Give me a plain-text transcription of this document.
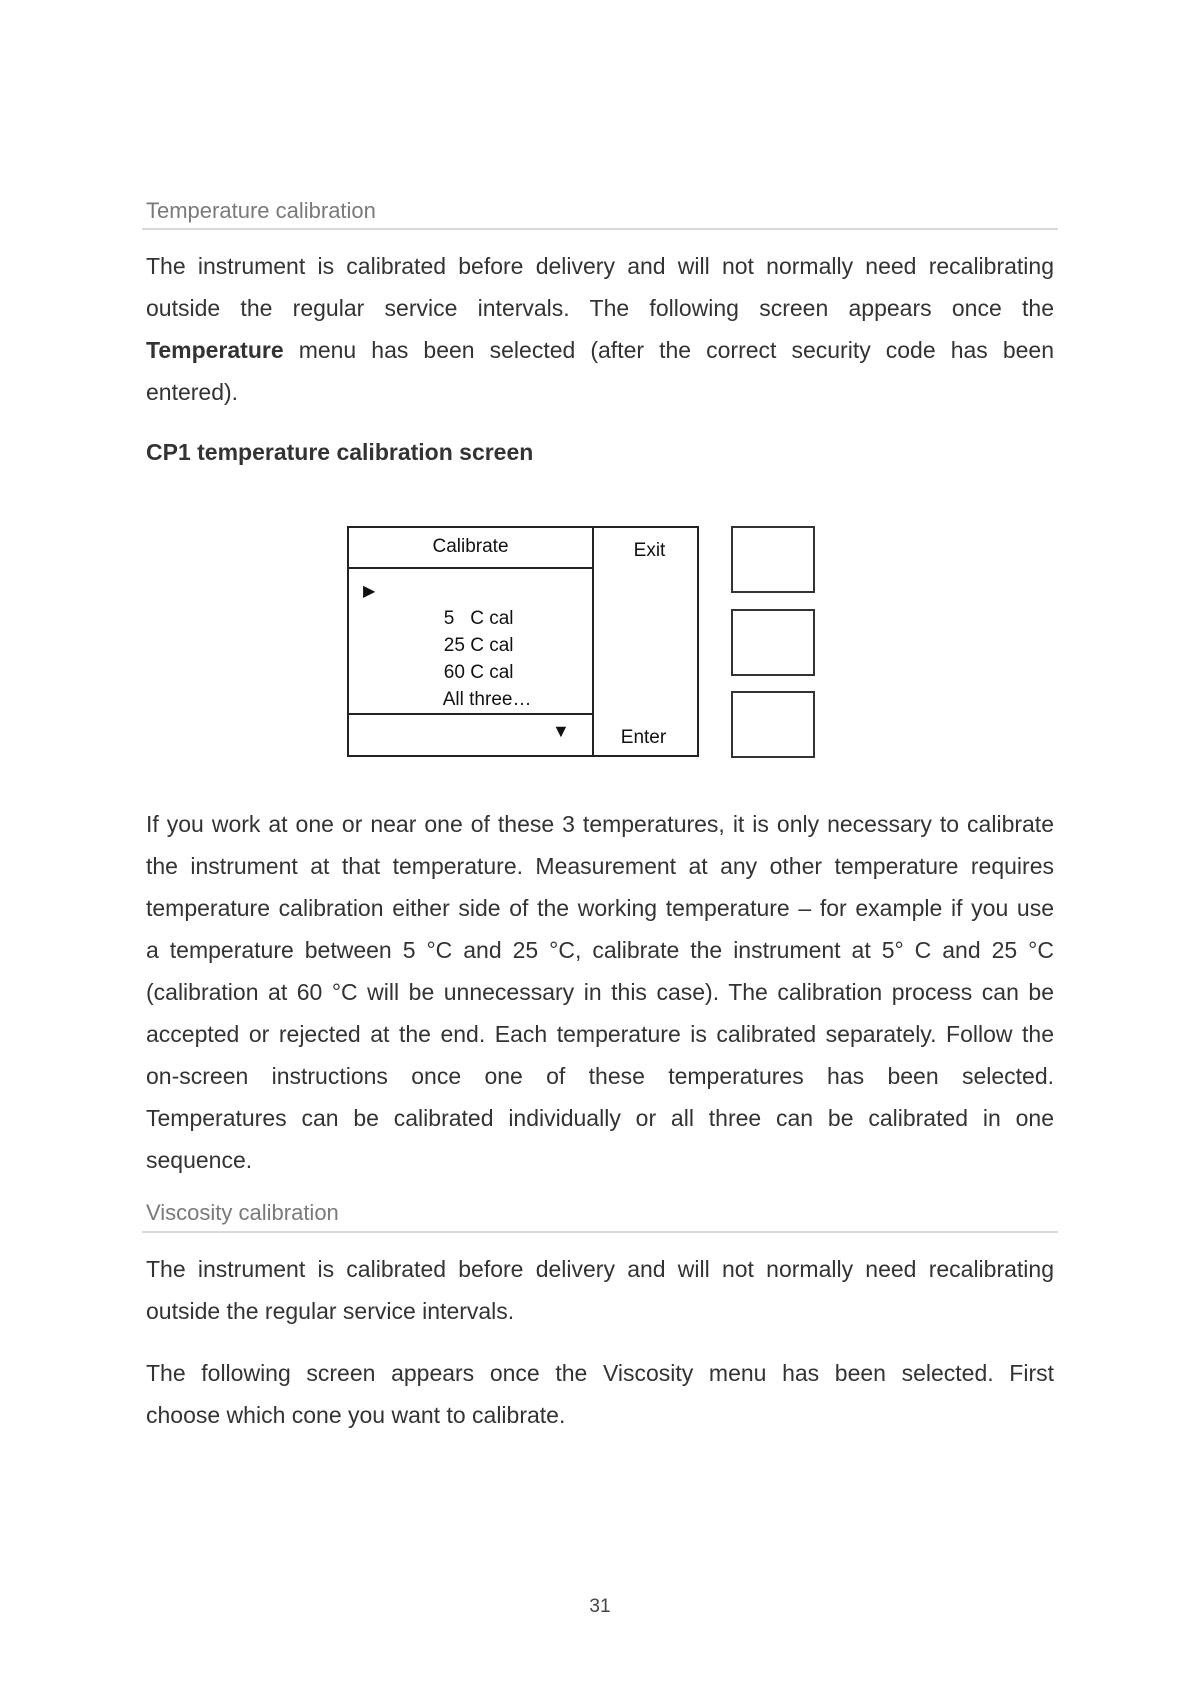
Temperature calibration

The instrument is calibrated before delivery and will not normally need recalibrating
outside the regular service intervals. The following screen appears once the
Temperature menu has been selected (after the correct security code has been
entered).

CP1 temperature calibration screen
Calibrate

▶
5   C cal

25 C cal

60 C cal

All three…

▼
Exit
Enter

If you work at one or near one of these 3 temperatures, it is only necessary to calibrate
the instrument at that temperature. Measurement at any other temperature requires
temperature calibration either side of the working temperature – for example if you use
a temperature between 5 °C and 25 °C, calibrate the instrument at 5° C and 25 °C
(calibration at 60 °C will be unnecessary in this case). The calibration process can be
accepted or rejected at the end. Each temperature is calibrated separately. Follow the
on-screen instructions once one of these temperatures has been selected.
Temperatures can be calibrated individually or all three can be calibrated in one
sequence.

Viscosity calibration

The instrument is calibrated before delivery and will not normally need recalibrating
outside the regular service intervals.

The following screen appears once the Viscosity menu has been selected. First
choose which cone you want to calibrate.

31
